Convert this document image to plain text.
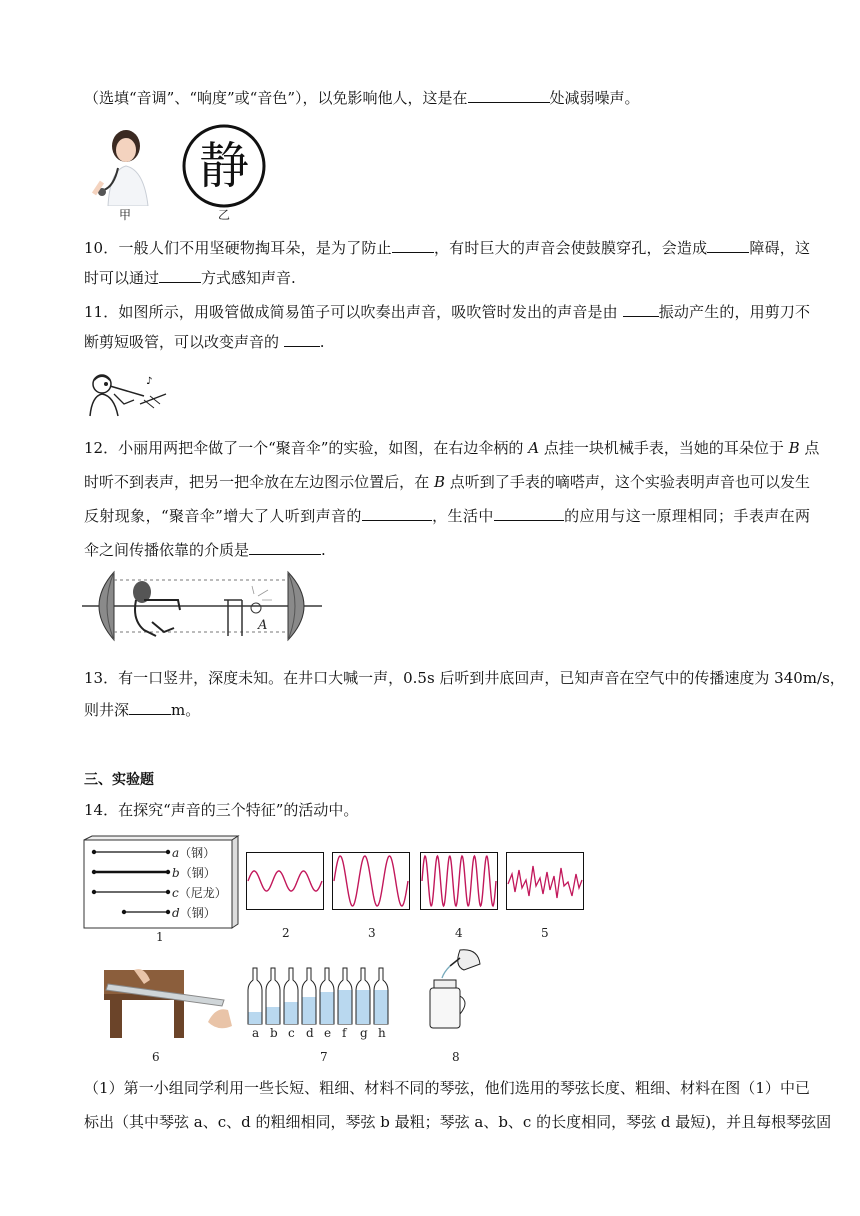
（选填“音调”、“响度”或“音色”），以免影响他人，这是在	处减弱噪声。
甲
静
乙
10．一般人们不用坚硬物掏耳朵，是为了防止	，有时巨大的声音会使鼓膜穿孔，会造成	障碍，这
时可以通过	方式感知声音.
11．如图所示，用吸管做成简易笛子可以吹奏出声音，吸吹管时发出的声音是由 振动产生的，用剪刀不
断剪短吸管，可以改变声音的 .
♪
12．小丽用两把伞做了一个“聚音伞”的实验，如图，在右边伞柄的 A 点挂一块机械手表，当她的耳朵位于 B 点
时听不到表声，把另一把伞放在左边图示位置后，在 B 点听到了手表的嘀嗒声，这个实验表明声音也可以发生
反射现象，“聚音伞”增大了人听到声音的	，生活中	的应用与这一原理相同；手表声在两
伞之间传播依靠的介质是	.
B	A
13．有一口竖井，深度未知。在井口大喊一声，0.5s 后听到井底回声，已知声音在空气中的传播速度为 340m/s，
则井深	m。
三、实验题
14．在探究“声音的三个特征”的活动中。
a（钢）
b（钢）
c（尼龙）
d（钢）
1	2	3	4	5
a b c d e f g h
6	7	8
（1）第一小组同学利用一些长短、粗细、材料不同的琴弦，他们选用的琴弦长度、粗细、材料在图（1）中已
标出（其中琴弦 a、c、d 的粗细相同，琴弦 b 最粗；琴弦 a、b、c 的长度相同，琴弦 d 最短)，并且每根琴弦固
